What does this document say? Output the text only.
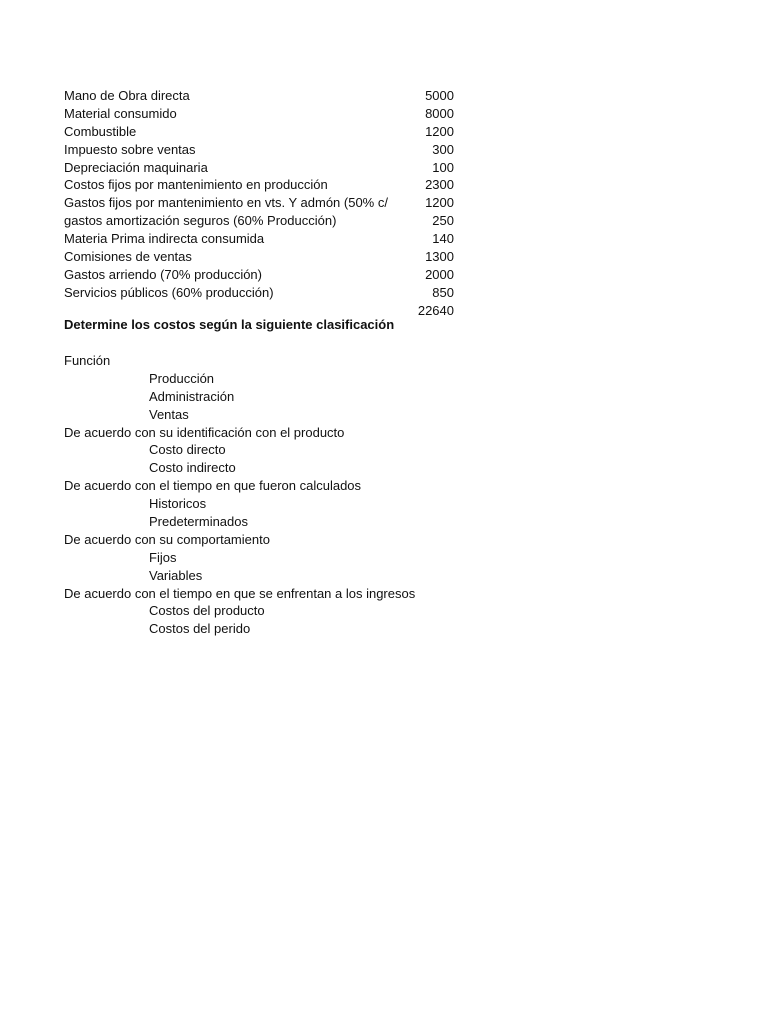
Mano de Obra directa	5000
Material consumido	8000
Combustible	1200
Impuesto sobre ventas	300
Depreciación maquinaria	100
Costos fijos por mantenimiento en producción	2300
Gastos fijos por mantenimiento en vts. Y admón (50% c/	1200
gastos amortización seguros (60% Producción)	250
Materia Prima indirecta consumida	140
Comisiones de ventas	1300
Gastos arriendo (70% producción)	2000
Servicios públicos (60% producción)	850
22640
Determine los costos según la siguiente clasificación
Función
Producción
Administración
Ventas
De acuerdo con su identificación con el producto
Costo directo
Costo indirecto
De acuerdo con el tiempo en que fueron calculados
Historicos
Predeterminados
De acuerdo con su comportamiento
Fijos
Variables
De acuerdo con el tiempo en que se enfrentan a los ingresos
Costos del producto
Costos del perido
